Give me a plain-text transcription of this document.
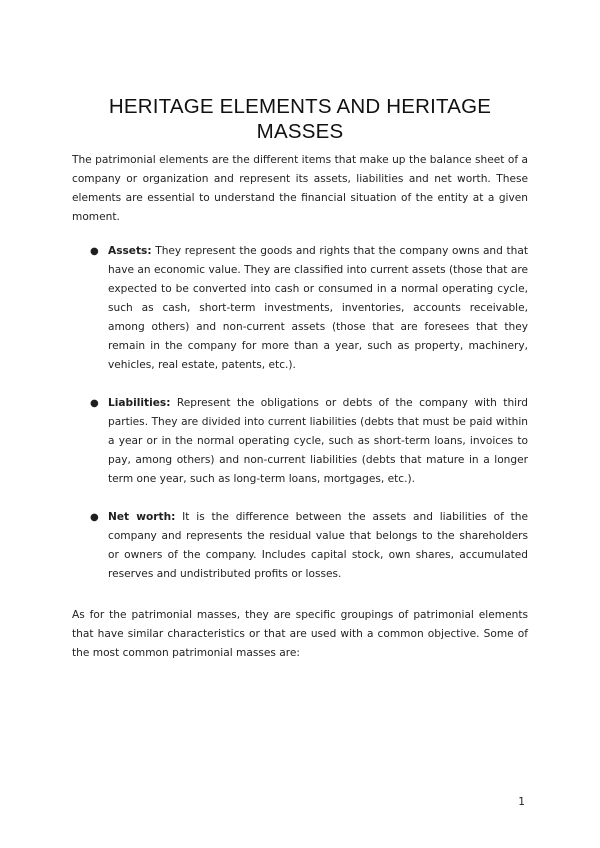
HERITAGE ELEMENTS AND HERITAGE MASSES

The patrimonial elements are the different items that make up the balance sheet of a company or organization and represent its assets, liabilities and net worth. These elements are essential to understand the financial situation of the entity at a given moment.

● Assets: They represent the goods and rights that the company owns and that have an economic value. They are classified into current assets (those that are expected to be converted into cash or consumed in a normal operating cycle, such as cash, short-term investments, inventories, accounts receivable, among others) and non-current assets (those that are foresees that they remain in the company for more than a year, such as property, machinery, vehicles, real estate, patents, etc.).
● Liabilities: Represent the obligations or debts of the company with third parties. They are divided into current liabilities (debts that must be paid within a year or in the normal operating cycle, such as short-term loans, invoices to pay, among others) and non-current liabilities (debts that mature in a longer term one year, such as long-term loans, mortgages, etc.).
● Net worth: It is the difference between the assets and liabilities of the company and represents the residual value that belongs to the shareholders or owners of the company. Includes capital stock, own shares, accumulated reserves and undistributed profits or losses.

As for the patrimonial masses, they are specific groupings of patrimonial elements that have similar characteristics or that are used with a common objective. Some of the most common patrimonial masses are:

1
